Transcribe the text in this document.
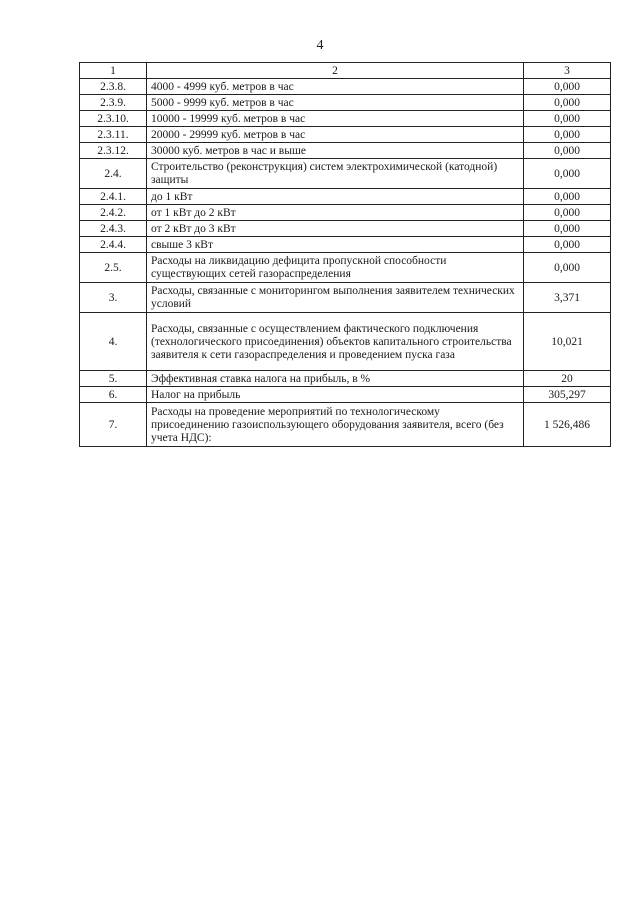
4
1	2	3
2.3.8.	4000 - 4999 куб. метров в час	0,000
2.3.9.	5000 - 9999 куб. метров в час	0,000
2.3.10.	10000 - 19999 куб. метров в час	0,000
2.3.11.	20000 - 29999 куб. метров в час	0,000
2.3.12.	30000 куб. метров в час и выше	0,000
2.4.	Строительство (реконструкция) систем электрохимической (катодной) защиты	0,000
2.4.1.	до 1 кВт	0,000
2.4.2.	от 1 кВт до 2 кВт	0,000
2.4.3.	от 2 кВт до 3 кВт	0,000
2.4.4.	свыше 3 кВт	0,000
2.5.	Расходы на ликвидацию дефицита пропускной способности существующих сетей газораспределения	0,000
3.	Расходы, связанные с мониторингом выполнения заявителем технических условий	3,371
4.	Расходы, связанные с осуществлением фактического подключения (технологического присоединения) объектов капитального строительства заявителя к сети газораспределения и проведением пуска газа	10,021
5.	Эффективная ставка налога на прибыль, в %	20
6.	Налог на прибыль	305,297
7.	Расходы на проведение мероприятий по технологическому присоединению газоиспользующего оборудования заявителя, всего (без учета НДС):	1 526,486
